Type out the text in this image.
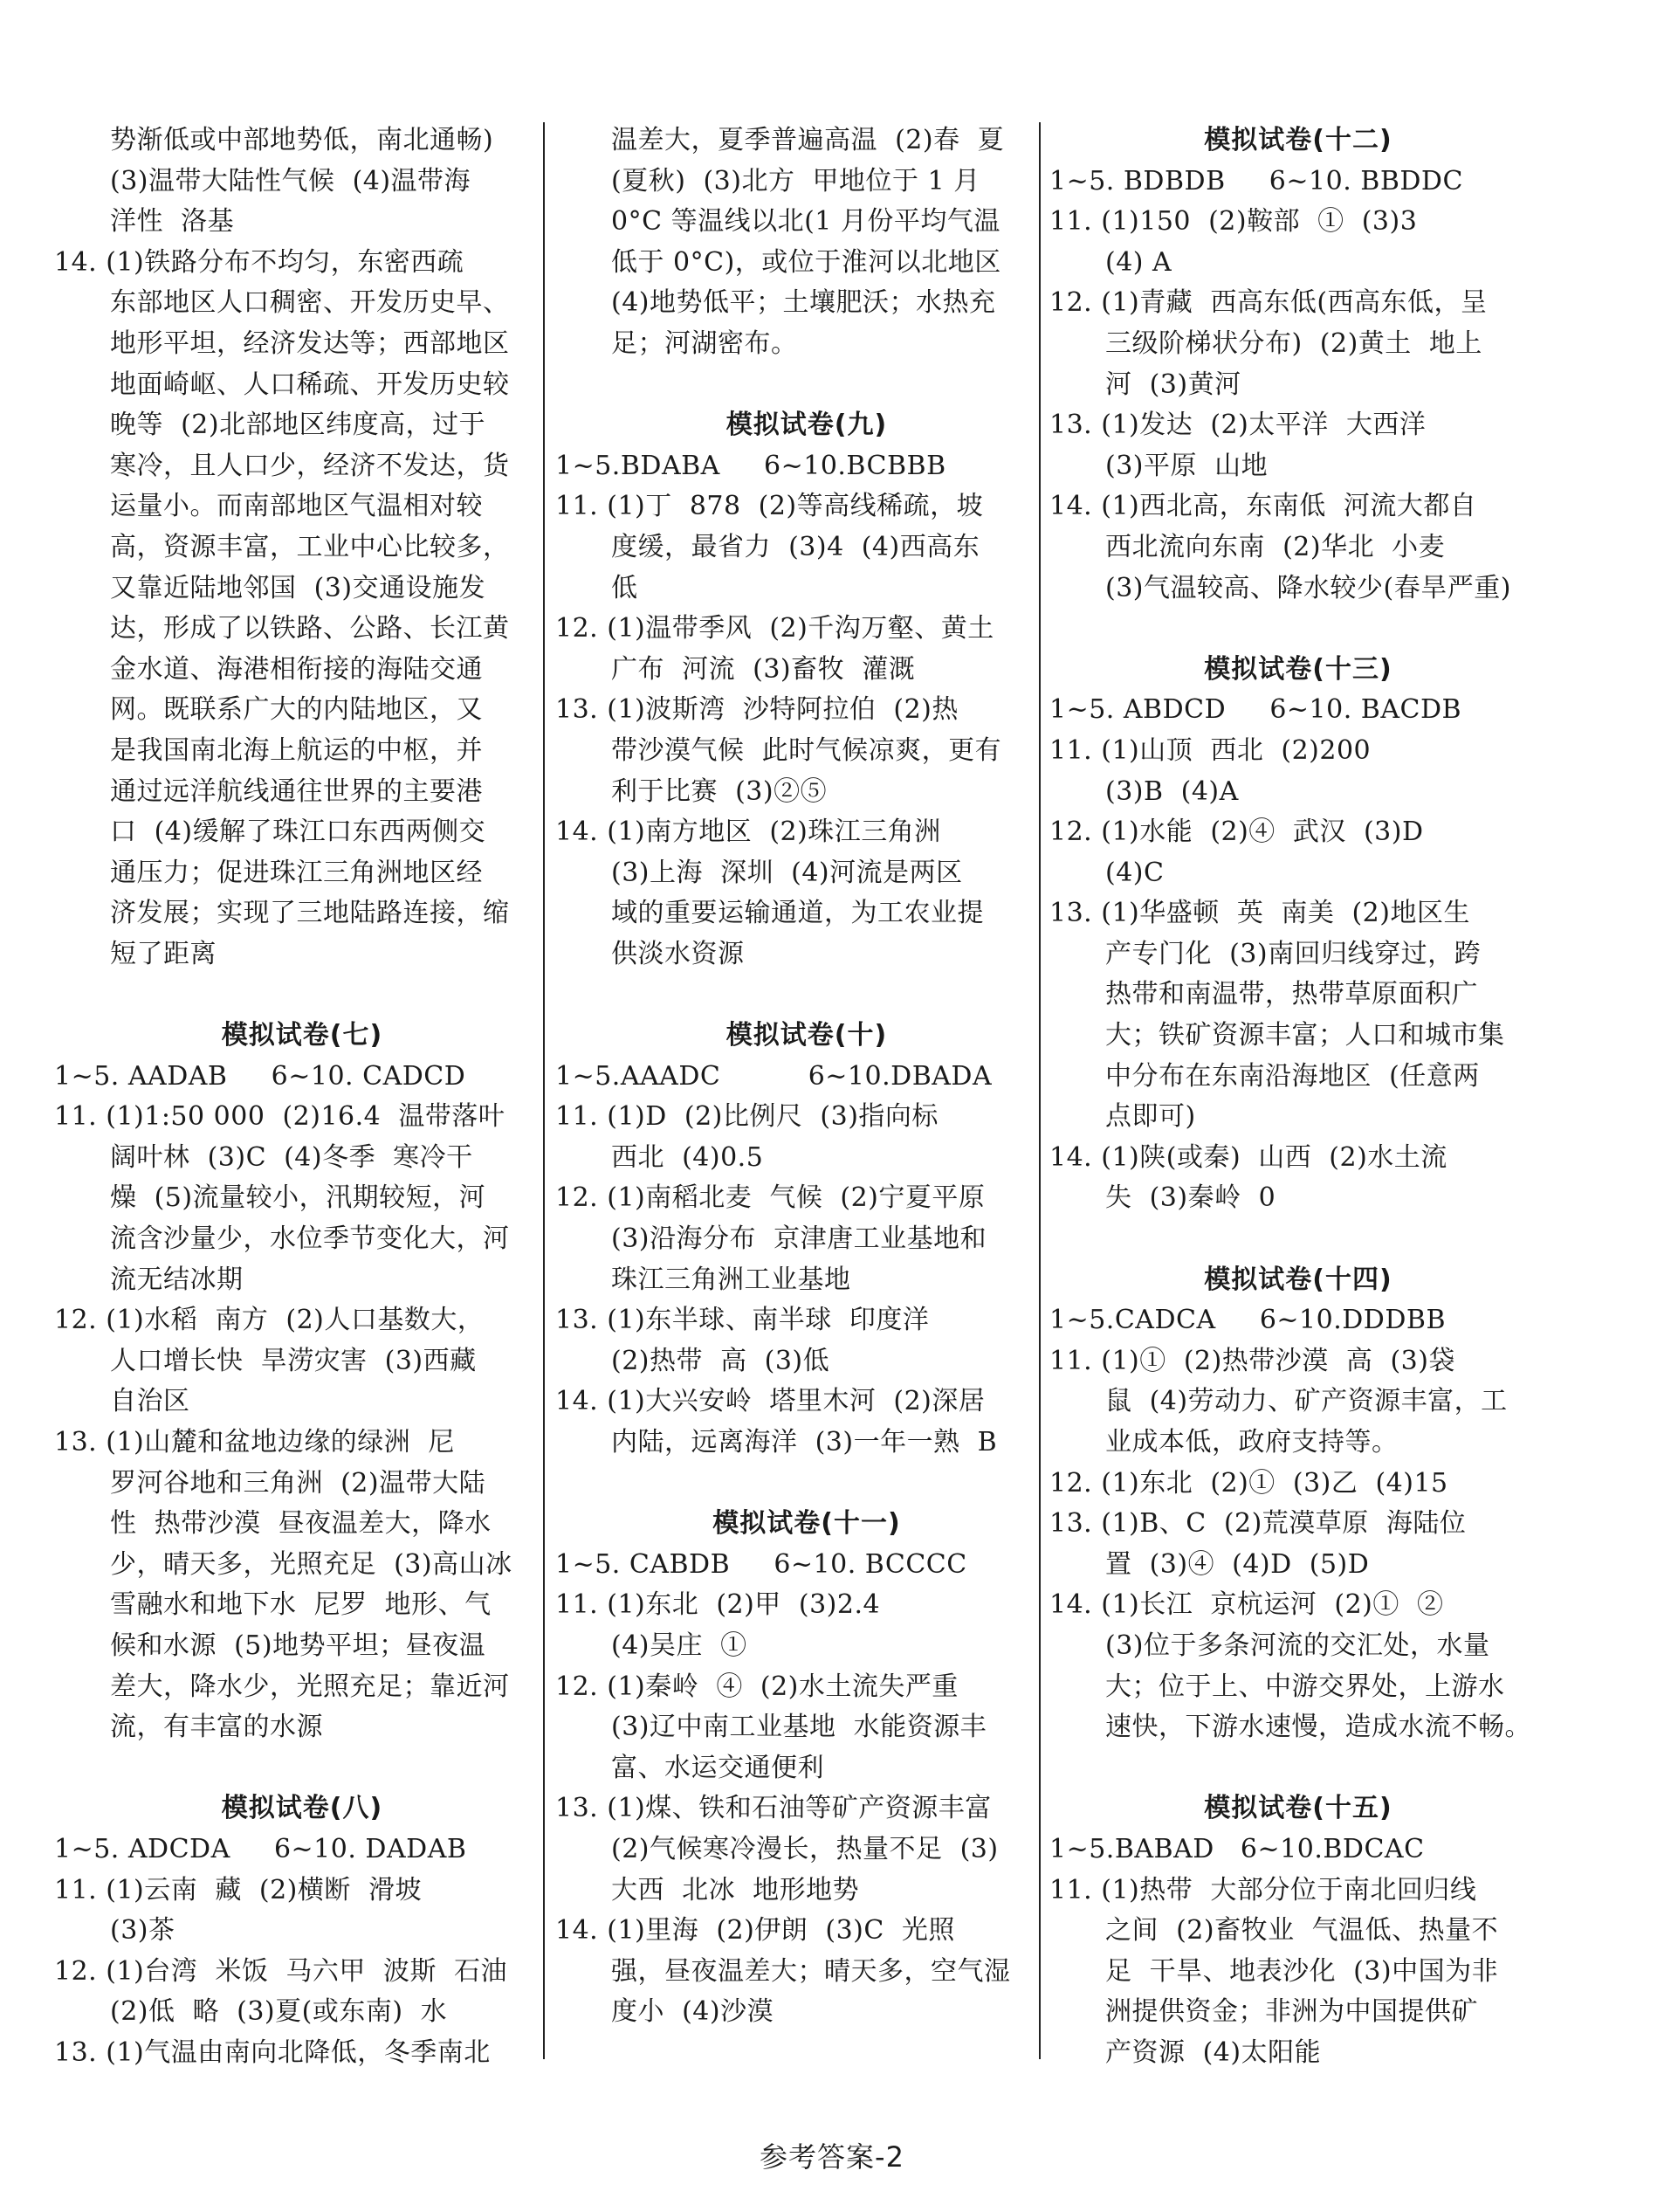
势渐低或中部地势低，南北通畅)
(3)温带大陆性气候  (4)温带海
洋性  洛基
14. (1)铁路分布不均匀，东密西疏
东部地区人口稠密、开发历史早、
地形平坦，经济发达等；西部地区
地面崎岖、人口稀疏、开发历史较
晚等  (2)北部地区纬度高，过于
寒冷，且人口少，经济不发达，货
运量小。而南部地区气温相对较
高，资源丰富，工业中心比较多，
又靠近陆地邻国  (3)交通设施发
达，形成了以铁路、公路、长江黄
金水道、海港相衔接的海陆交通
网。既联系广大的内陆地区，又
是我国南北海上航运的中枢，并
通过远洋航线通往世界的主要港
口  (4)缓解了珠江口东西两侧交
通压力；促进珠江三角洲地区经
济发展；实现了三地陆路连接，缩
短了距离
模拟试卷(七)
1~5. AADAB     6~10. CADCD
11. (1)1:50 000  (2)16.4  温带落叶
阔叶林  (3)C  (4)冬季  寒冷干
燥  (5)流量较小，汛期较短，河
流含沙量少，水位季节变化大，河
流无结冰期
12. (1)水稻  南方  (2)人口基数大，
人口增长快  旱涝灾害  (3)西藏
自治区
13. (1)山麓和盆地边缘的绿洲  尼
罗河谷地和三角洲  (2)温带大陆
性  热带沙漠  昼夜温差大，降水
少，晴天多，光照充足  (3)高山冰
雪融水和地下水  尼罗  地形、气
候和水源  (5)地势平坦；昼夜温
差大，降水少，光照充足；靠近河
流，有丰富的水源
模拟试卷(八)
1~5. ADCDA     6~10. DADAB
11. (1)云南  藏  (2)横断  滑坡
(3)茶
12. (1)台湾  米饭  马六甲  波斯  石油
(2)低  略  (3)夏(或东南)  水
13. (1)气温由南向北降低，冬季南北
温差大，夏季普遍高温  (2)春  夏
(夏秋)  (3)北方  甲地位于 1 月
0°C 等温线以北(1 月份平均气温
低于 0°C)，或位于淮河以北地区
(4)地势低平；土壤肥沃；水热充
足；河湖密布。
模拟试卷(九)
1~5.BDABA     6~10.BCBBB
11. (1)丁  878  (2)等高线稀疏，坡
度缓，最省力  (3)4  (4)西高东
低
12. (1)温带季风  (2)千沟万壑、黄土
广布  河流  (3)畜牧  灌溉
13. (1)波斯湾  沙特阿拉伯  (2)热
带沙漠气候  此时气候凉爽，更有
利于比赛  (3)②⑤
14. (1)南方地区  (2)珠江三角洲
(3)上海  深圳  (4)河流是两区
域的重要运输通道，为工农业提
供淡水资源
模拟试卷(十)
1~5.AAADC          6~10.DBADA
11. (1)D  (2)比例尺  (3)指向标
西北  (4)0.5
12. (1)南稻北麦  气候  (2)宁夏平原
(3)沿海分布  京津唐工业基地和
珠江三角洲工业基地
13. (1)东半球、南半球  印度洋
(2)热带  高  (3)低
14. (1)大兴安岭  塔里木河  (2)深居
内陆，远离海洋  (3)一年一熟  B
模拟试卷(十一)
1~5. CABDB     6~10. BCCCC
11. (1)东北  (2)甲  (3)2.4
(4)吴庄  ①
12. (1)秦岭  ④  (2)水土流失严重
(3)辽中南工业基地  水能资源丰
富、水运交通便利
13. (1)煤、铁和石油等矿产资源丰富
(2)气候寒冷漫长，热量不足  (3)
大西  北冰  地形地势
14. (1)里海  (2)伊朗  (3)C  光照
强，昼夜温差大；晴天多，空气湿
度小  (4)沙漠
模拟试卷(十二)
1~5. BDBDB     6~10. BBDDC
11. (1)150  (2)鞍部  ①  (3)3
(4) A
12. (1)青藏  西高东低(西高东低，呈
三级阶梯状分布)  (2)黄土  地上
河  (3)黄河
13. (1)发达  (2)太平洋  大西洋
(3)平原  山地
14. (1)西北高，东南低  河流大都自
西北流向东南  (2)华北  小麦
(3)气温较高、降水较少(春旱严重)
模拟试卷(十三)
1~5. ABDCD     6~10. BACDB
11. (1)山顶  西北  (2)200
(3)B  (4)A
12. (1)水能  (2)④  武汉  (3)D
(4)C
13. (1)华盛顿  英  南美  (2)地区生
产专门化  (3)南回归线穿过，跨
热带和南温带，热带草原面积广
大；铁矿资源丰富；人口和城市集
中分布在东南沿海地区  (任意两
点即可)
14. (1)陕(或秦)  山西  (2)水土流
失  (3)秦岭  0
模拟试卷(十四)
1~5.CADCA     6~10.DDDBB
11. (1)①  (2)热带沙漠  高  (3)袋
鼠  (4)劳动力、矿产资源丰富，工
业成本低，政府支持等。
12. (1)东北  (2)①  (3)乙  (4)15
13. (1)B、C  (2)荒漠草原  海陆位
置  (3)④  (4)D  (5)D
14. (1)长江  京杭运河  (2)①  ②
(3)位于多条河流的交汇处，水量
大；位于上、中游交界处，上游水
速快，下游水速慢，造成水流不畅。
模拟试卷(十五)
1~5.BABAD   6~10.BDCAC
11. (1)热带  大部分位于南北回归线
之间  (2)畜牧业  气温低、热量不
足  干旱、地表沙化  (3)中国为非
洲提供资金；非洲为中国提供矿
产资源  (4)太阳能
参考答案-2
